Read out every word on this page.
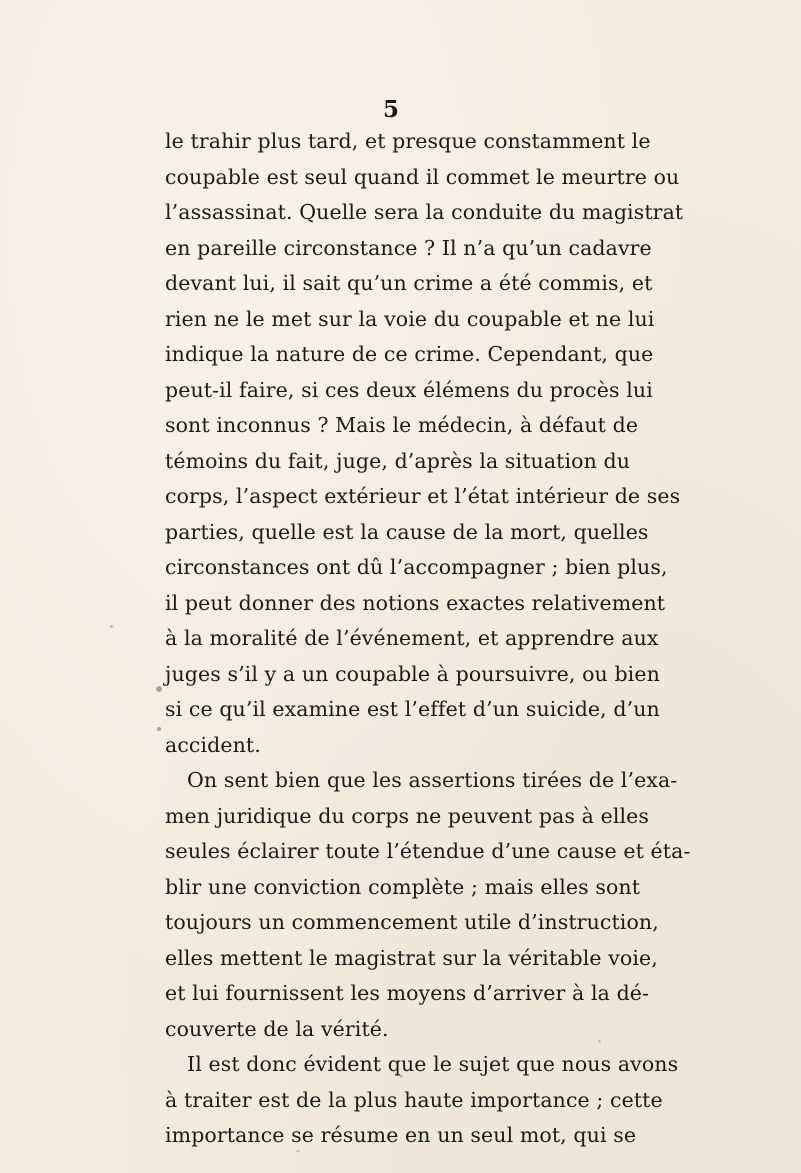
5
le trahir plus tard, et presque constamment le
coupable est seul quand il commet le meurtre ou
l’assassinat. Quelle sera la conduite du magistrat
en pareille circonstance ? Il n’a qu’un cadavre
devant lui, il sait qu’un crime a été commis, et
rien ne le met sur la voie du coupable et ne lui
indique la nature de ce crime. Cependant, que
peut-il faire, si ces deux élémens du procès lui
sont inconnus ? Mais le médecin, à défaut de
témoins du fait, juge, d’après la situation du
corps, l’aspect extérieur et l’état intérieur de ses
parties, quelle est la cause de la mort, quelles
circonstances ont dû l’accompagner ; bien plus,
il peut donner des notions exactes relativement
à la moralité de l’événement, et apprendre aux
juges s’il y a un coupable à poursuivre, ou bien
si ce qu’il examine est l’effet d’un suicide, d’un
accident.
On sent bien que les assertions tirées de l’exa-
men juridique du corps ne peuvent pas à elles
seules éclairer toute l’étendue d’une cause et éta-
blir une conviction complète ; mais elles sont
toujours un commencement utile d’instruction,
elles mettent le magistrat sur la véritable voie,
et lui fournissent les moyens d’arriver à la dé-
couverte de la vérité.
Il est donc évident que le sujet que nous avons
à traiter est de la plus haute importance ; cette
importance se résume en un seul mot, qui se
